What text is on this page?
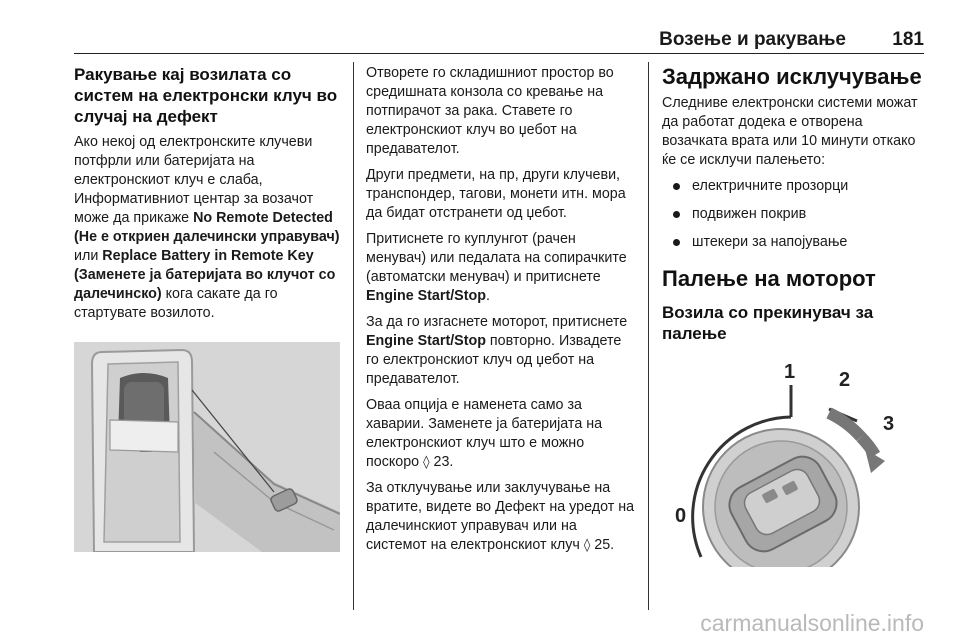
Возење и ракување 181
Ракување кај возилата со систем на електронски клуч во случај на дефект

Ако некој од електронските клучеви потфрли или батеријата на електронскиот клуч е слаба, Информативниот центар за возачот може да прикаже No Remote Detected (Не е откриен далечински управувач) или Replace Battery in Remote Key (Заменете ја батеријата во клучот со далечинско) кога сакате да го стартувате возилото.

Отворете го складишниот простор во средишната конзола со кревање на потпирачот за рака. Ставете го електронскиот клуч во џебот на предавателот.

Други предмети, на пр, други клучеви, транспондер, тагови, монети итн. мора да бидат отстранети од џебот.

Притиснете го куплунгот (рачен менувач) или педалата на сопирачките (автоматски менувач) и притиснете Engine Start/Stop.

За да го изгаснете моторот, притиснете Engine Start/Stop повторно. Извадете го електронскиот клуч од џебот на предавателот.

Оваа опција е наменета само за хаварии. Заменете ја батеријата на електронскиот клуч што е можно поскоро ◊ 23.

За отклучување или заклучување на вратите, видете во Дефект на уредот на далечинскиот управувач или на системот на електронскиот клуч ◊ 25.

Задржано исклучување

Следниве електронски системи можат да работат додека е отворена возачката врата или 10 минути откако ќе се исклучи палењето:

електричните прозорци
подвижен покрив
штекери за напојување
Палење на моторот
Возила со прекинувач за палење
0
1 2
3
carmanualsonline.info
